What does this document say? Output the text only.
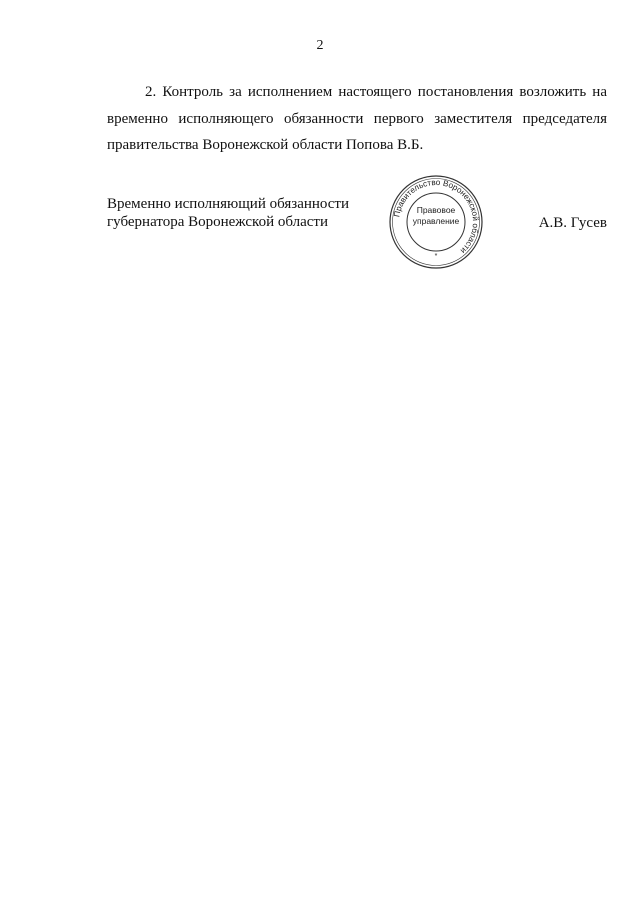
2

2. Контроль за исполнением настоящего постановления возложить на временно исполняющего обязанности первого заместителя председателя правительства Воронежской области Попова В.Б.

Временно исполняющий обязанности
губернатора Воронежской области
Правительство Воронежской области
*
Правовое
управление	А.В. Гусев
